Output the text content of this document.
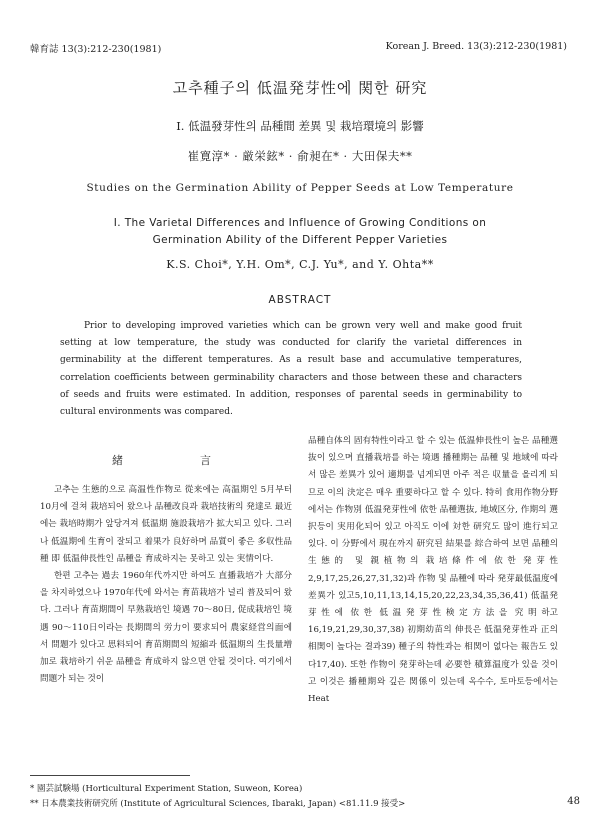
韓育誌 13(3):212-230(1981)	Korean J. Breed. 13(3):212-230(1981)
고추種子의 低温発芽性에 関한 研究
I. 低温發芽性의 品種間 差異 및 栽培環境의 影響
崔寛淳* · 厳栄鉉* · 俞昶在* · 大田保夫**
Studies on the Germination Ability of Pepper Seeds at Low Temperature
I. The Varietal Differences and Influence of Growing Conditions on
Germination Ability of the Different Pepper Varieties
K.S. Choi*, Y.H. Om*, C.J. Yu*, and Y. Ohta**
ABSTRACT

Prior to developing improved varieties which can be grown very well and make good fruit setting at low temperature, the study was conducted for clarify the varietal differences in germinability at the different temperatures. As a result base and accumulative temperatures, correlation coefficients between germinability characters and those between these and characters of seeds and fruits were estimated. In addition, responses of parental seeds in germinability to cultural environments was compared.

緒	言

고추는 生態的으로 高温性作物로 從来에는 高温期인 5月부터 10月에 걸쳐 栽培되어 왔으나 品種改良과 栽培技術의 発達로 最近에는 栽培時期가 앞당겨져 低温期 施設栽培가 拡大되고 있다. 그러나 低温期에 生育이 잘되고 着果가 良好하며 品質이 좋은 多収性品種 即 低温伸長性인 品種을 育成하지는 못하고 있는 実情이다.

한편 고추는 過去 1960年代까지만 하여도 直播栽培가 大部分을 차지하였으나 1970年代에 와서는 育苗栽培가 널리 普及되어 왔다. 그러나 育苗期間이 早熟栽培인 境遇 70～80日, 促成栽培인 境遇 90～110日이라는 長期間의 労力이 要求되어 農家経営의面에서 問題가 있다고 思料되어 育苗期間의 短縮과 低温期의 生長量増加로 栽培하기 쉬운 品種을 育成하지 않으면 안될 것이다. 여기에서 問題가 되는 것이

品種自体의 固有特性이라고 할 수 있는 低温伸長性이 높은 品種選抜이 있으며 直播栽培를 하는 境遇 播種期는 品種 및 地域에 따라서 많은 差異가 있어 適期를 넘게되면 아주 적은 収量을 올리게 되므로 이의 決定은 매우 重要하다고 할 수 있다. 特히 食用作物分野에서는 作物別 低温発芽性에 依한 品種選抜, 地域区分, 作期의 選択등이 実用化되어 있고 아직도 이에 対한 研究도 많이 進行되고 있다. 이 分野에서 現在까지 研究된 結果를 綜合하여 보면 品種의 生態的 및 親植物의 栽培條件에 依한 発芽性2,9,17,25,26,27,31,32)과 作物 및 品種에 따라 発芽最低温度에 差異가 있고5,10,11,13,14,15,20,22,23,34,35,36,41) 低温発芽性에 依한 低温発芽性検定方法을 究明하고16,19,21,29,30,37,38) 初期幼苗의 伸長은 低温発芽性과 正의 相関이 높다는 결과39) 種子의 特性과는 相関이 없다는 報告도 있다17,40). 또한 作物이 発芽하는데 必要한 積算温度가 있을 것이고 이것은 播種期와 깊은 関係이 있는데 옥수수, 토마토등에서는 Heat

* 園芸試験場 (Horticultural Experiment Station, Suweon, Korea)
** 日本農業技術研究所 (Institute of Agricultural Sciences, Ibaraki, Japan) <81.11.9 接受>	48
